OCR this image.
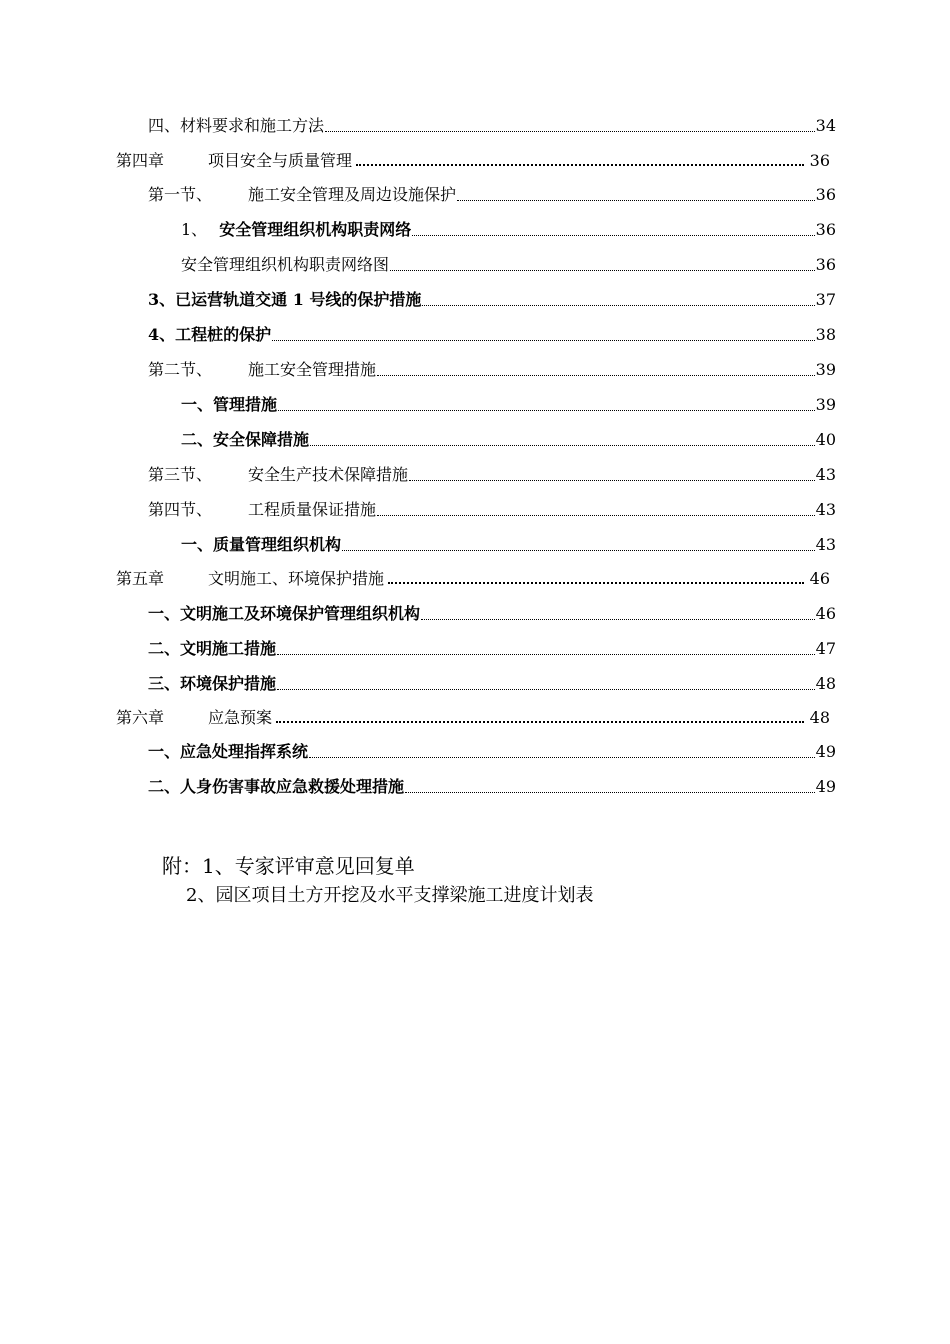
四、材料要求和施工方法	34
第四章	项目安全与质量管理	36
第一节、 施工安全管理及周边设施保护	36
1、 安全管理组织机构职责网络	36
安全管理组织机构职责网络图	36
3、已运营轨道交通 1 号线的保护措施	37
4、工程桩的保护	38
第二节、 施工安全管理措施	39
一、管理措施	39
二、安全保障措施	40
第三节、 安全生产技术保障措施	43
第四节、 工程质量保证措施	43
一、质量管理组织机构	43
第五章	文明施工、环境保护措施	46
一、文明施工及环境保护管理组织机构	46
二、文明施工措施	47
三、环境保护措施	48
第六章	应急预案	48
一、应急处理指挥系统	49
二、人身伤害事故应急救援处理措施	49
附：1、专家评审意见回复单
2、园区项目土方开挖及水平支撑梁施工进度计划表
